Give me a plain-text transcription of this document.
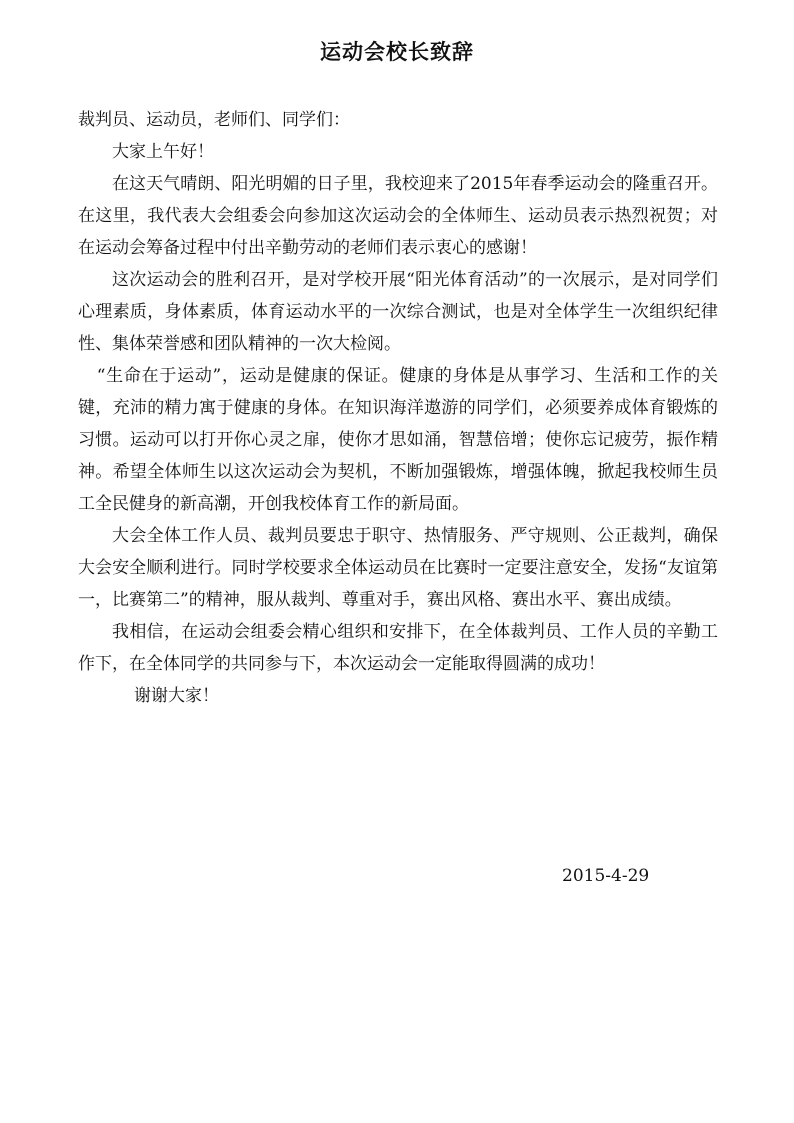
运动会校长致辞

裁判员、运动员，老师们、同学们：

大家上午好！

在这天气晴朗、阳光明媚的日子里，我校迎来了2015年春季运动会的隆重召开。在这里，我代表大会组委会向参加这次运动会的全体师生、运动员表示热烈祝贺；对在运动会筹备过程中付出辛勤劳动的老师们表示衷心的感谢！

这次运动会的胜利召开，是对学校开展“阳光体育活动”的一次展示，是对同学们心理素质，身体素质，体育运动水平的一次综合测试，也是对全体学生一次组织纪律性、集体荣誉感和团队精神的一次大检阅。

“生命在于运动”，运动是健康的保证。健康的身体是从事学习、生活和工作的关键，充沛的精力寓于健康的身体。在知识海洋遨游的同学们，必须要养成体育锻炼的习惯。运动可以打开你心灵之扉，使你才思如涌，智慧倍增；使你忘记疲劳，振作精神。希望全体师生以这次运动会为契机，不断加强锻炼，增强体魄，掀起我校师生员工全民健身的新高潮，开创我校体育工作的新局面。

大会全体工作人员、裁判员要忠于职守、热情服务、严守规则、公正裁判，确保大会安全顺利进行。同时学校要求全体运动员在比赛时一定要注意安全，发扬“友谊第一，比赛第二”的精神，服从裁判、尊重对手，赛出风格、赛出水平、赛出成绩。

我相信，在运动会组委会精心组织和安排下，在全体裁判员、工作人员的辛勤工作下，在全体同学的共同参与下，本次运动会一定能取得圆满的成功！

谢谢大家！

2015-4-29
